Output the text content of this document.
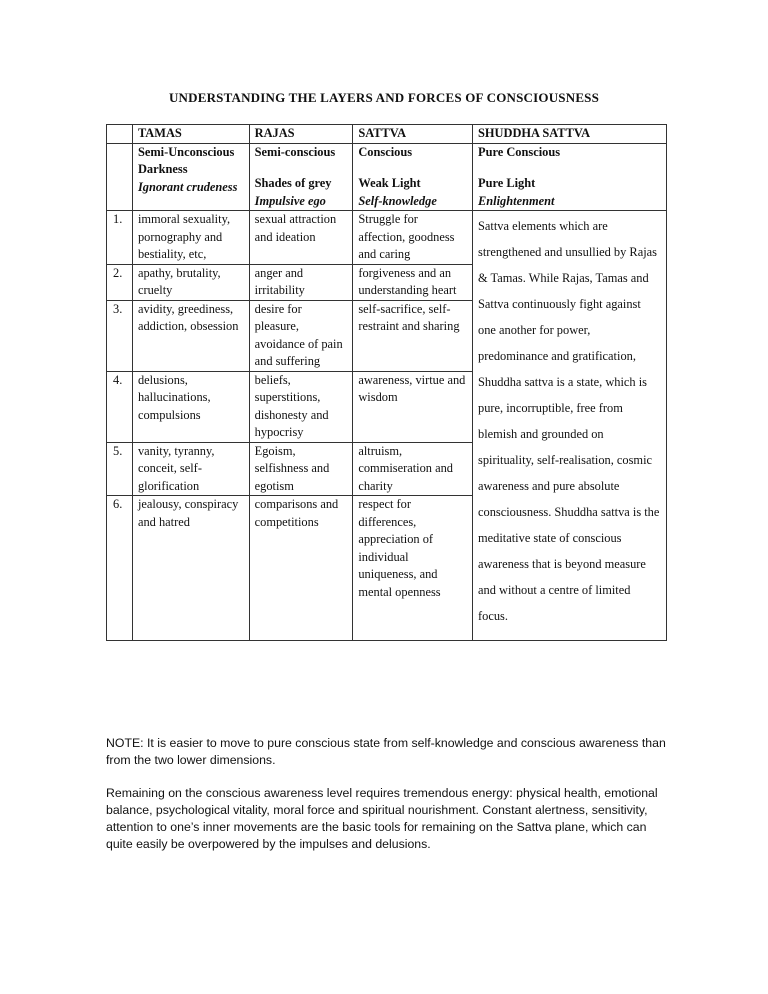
UNDERSTANDING THE LAYERS AND FORCES OF CONSCIOUSNESS
	TAMAS	RAJAS	SATTVA	SHUDDHA SATTVA
	Semi-Unconscious
Darkness
Ignorant crudeness	Semi-conscious
Shades of grey
Impulsive ego	Conscious
Weak Light
Self-knowledge	Pure Conscious
Pure Light
Enlightenment

1.	immoral sexuality, pornography and bestiality, etc,	sexual attraction and ideation	Struggle for affection, goodness and caring	Sattva elements which are strengthened and unsullied by Rajas & Tamas. While Rajas, Tamas and Sattva continuously fight against one another for power, predominance and gratification, Shuddha sattva is a state, which is pure, incorruptible, free from blemish and grounded on spirituality, self-realisation, cosmic awareness and pure absolute consciousness. Shuddha sattva is the meditative state of conscious awareness that is beyond measure and without a centre of limited focus.
2.	apathy, brutality, cruelty	anger and irritability	forgiveness and an understanding heart	
3.	avidity, greediness, addiction, obsession	desire for pleasure, avoidance of pain and suffering	self-sacrifice, self-restraint and sharing	
4.	delusions, hallucinations, compulsions	beliefs, superstitions, dishonesty and hypocrisy	awareness, virtue and wisdom	
5.	vanity, tyranny, conceit, self-glorification	Egoism, selfishness and egotism	altruism, commiseration and charity	
6.	jealousy, conspiracy and hatred	comparisons and competitions	respect for differences, appreciation of individual uniqueness, and mental openness	
NOTE: It is easier to move to pure conscious state from self-knowledge and conscious awareness than from the two lower dimensions.
Remaining on the conscious awareness level requires tremendous energy: physical health, emotional balance, psychological vitality, moral force and spiritual nourishment. Constant alertness, sensitivity, attention to one’s inner movements are the basic tools for remaining on the Sattva plane, which can quite easily be overpowered by the impulses and delusions.
